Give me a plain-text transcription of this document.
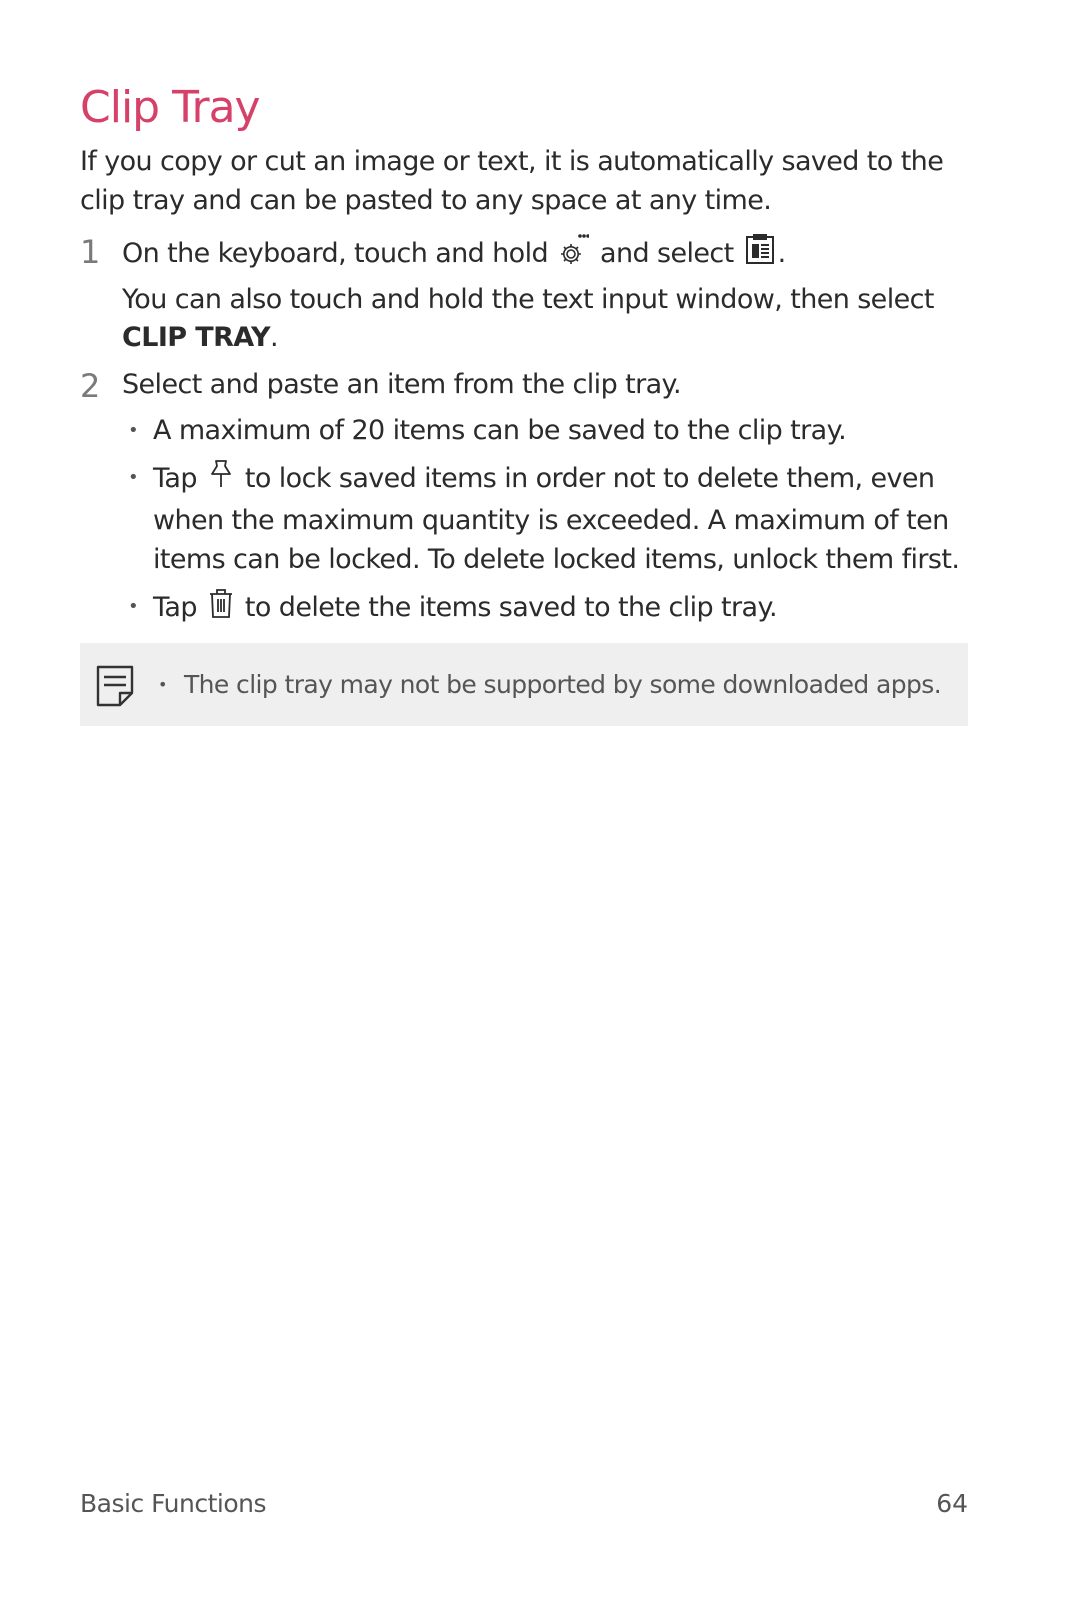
Clip Tray

If you copy or cut an image or text, it is automatically saved to the clip tray and can be pasted to any space at any time.

1 On the keyboard, touch and hold and select .

You can also touch and hold the text input window, then select CLIP TRAY.

2 Select and paste an item from the clip tray.

• A maximum of 20 items can be saved to the clip tray.
• Tap to lock saved items in order not to delete them, even when the maximum quantity is exceeded. A maximum of ten items can be locked. To delete locked items, unlock them first.
• Tap to delete the items saved to the clip tray.
• The clip tray may not be supported by some downloaded apps.
Basic Functions	64
